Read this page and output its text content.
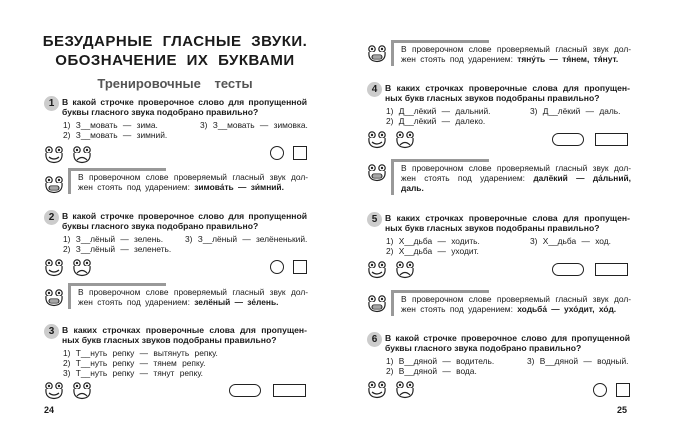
БЕЗУДАРНЫЕ ГЛАСНЫЕ ЗВУКИ.
ОБОЗНАЧЕНИЕ ИХ БУКВАМИ
Тренировочные тесты
1 В какой строчке проверочное слово для пропущенной
буквы гласного звука подобрано правильно?
1) З__мовать — зима.
2) З__мовать — зимний.
3) З__мовать — зимовка.
В проверочном слове проверяемый гласный звук дол-
жен стоять под ударением: зимова́ть — зи́мний.
2 В какой строчке проверочное слово для пропущенной
буквы гласного звука подобрано правильно?
1) З__лёный — зелень.
2) З__лёный — зеленеть.
3) З__лёный — зелёненький.
В проверочном слове проверяемый гласный звук дол-
жен стоять под ударением: зелёный — зе́лень.
3 В каких строчках проверочные слова для пропущен-
ных букв гласных звуков подобраны правильно?
1) Т__нуть репку — вытянуть репку.
2) Т__нуть репку — тянем репку.
3) Т__нуть репку — тянут репку.
24
В проверочном слове проверяемый гласный звук дол-
жен стоять под ударением: тяну́ть — тя́нем, тя́нут.
4 В каких строчках проверочные слова для пропущен-
ных букв гласных звуков подобраны правильно?
1) Д__лёкий — дальний.
2) Д__лёкий — далеко.
3) Д__лёкий — даль.
В проверочном слове проверяемый гласный звук дол-
жен стоять под ударением: далёкий — да́льний,
даль.
5 В каких строчках проверочные слова для пропущен-
ных букв гласных звуков подобраны правильно?
1) Х__дьба — ходить.
2) Х__дьба — уходит.
3) Х__дьба — ход.
В проверочном слове проверяемый гласный звук дол-
жен стоять под ударением: ходьба́ — ухо́дит, хо́д.
6 В какой строчке проверочное слово для пропущенной
буквы гласного звука подобрано правильно?
1) В__дяной — водитель.
2) В__дяной — вода.
3) В__дяной — водный.
25
